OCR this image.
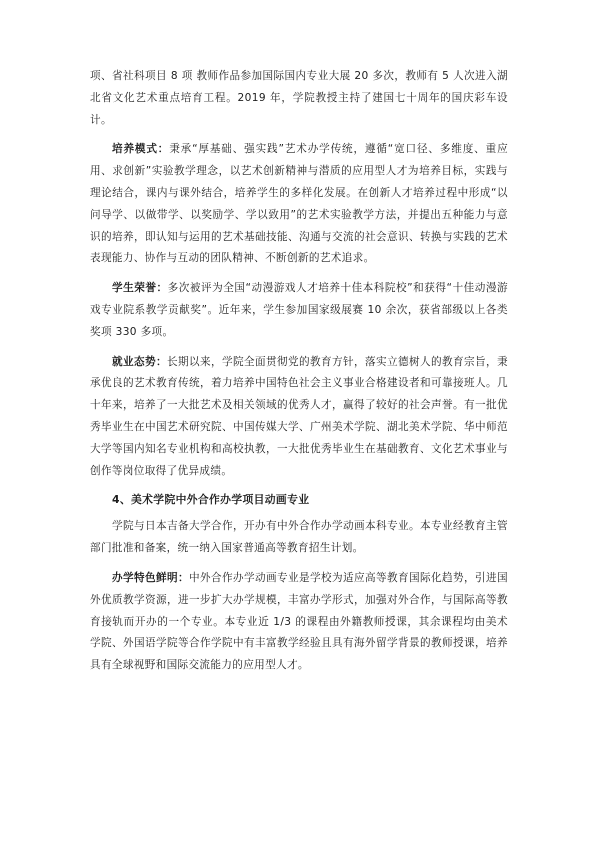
项、省社科项目 8 项 教师作品参加国际国内专业大展 20 多次，教师有 5 人次进入湖北省文化艺术重点培育工程。2019 年，学院教授主持了建国七十周年的国庆彩车设计。

培养模式：秉承“厚基础、强实践”艺术办学传统，遵循“宽口径、多维度、重应用、求创新”实验教学理念，以艺术创新精神与潜质的应用型人才为培养目标，实践与理论结合，课内与课外结合，培养学生的多样化发展。在创新人才培养过程中形成“以问导学、以做带学、以奖励学、学以致用”的艺术实验教学方法，并提出五种能力与意识的培养，即认知与运用的艺术基础技能、沟通与交流的社会意识、转换与实践的艺术表现能力、协作与互动的团队精神、不断创新的艺术追求。

学生荣誉：多次被评为全国“动漫游戏人才培养十佳本科院校”和获得“十佳动漫游戏专业院系教学贡献奖”。近年来，学生参加国家级展赛 10 余次，获省部级以上各类奖项 330 多项。

就业态势：长期以来，学院全面贯彻党的教育方针，落实立德树人的教育宗旨，秉承优良的艺术教育传统，着力培养中国特色社会主义事业合格建设者和可靠接班人。几十年来，培养了一大批艺术及相关领域的优秀人才，赢得了较好的社会声誉。有一批优秀毕业生在中国艺术研究院、中国传媒大学、广州美术学院、湖北美术学院、华中师范大学等国内知名专业机构和高校执教，一大批优秀毕业生在基础教育、文化艺术事业与创作等岗位取得了优异成绩。

4、美术学院中外合作办学项目动画专业

学院与日本吉备大学合作，开办有中外合作办学动画本科专业。本专业经教育主管部门批准和备案，统一纳入国家普通高等教育招生计划。

办学特色鲜明：中外合作办学动画专业是学校为适应高等教育国际化趋势，引进国外优质教学资源，进一步扩大办学规模，丰富办学形式，加强对外合作，与国际高等教育接轨而开办的一个专业。本专业近 1/3 的课程由外籍教师授课，其余课程均由美术学院、外国语学院等合作学院中有丰富教学经验且具有海外留学背景的教师授课，培养具有全球视野和国际交流能力的应用型人才。
